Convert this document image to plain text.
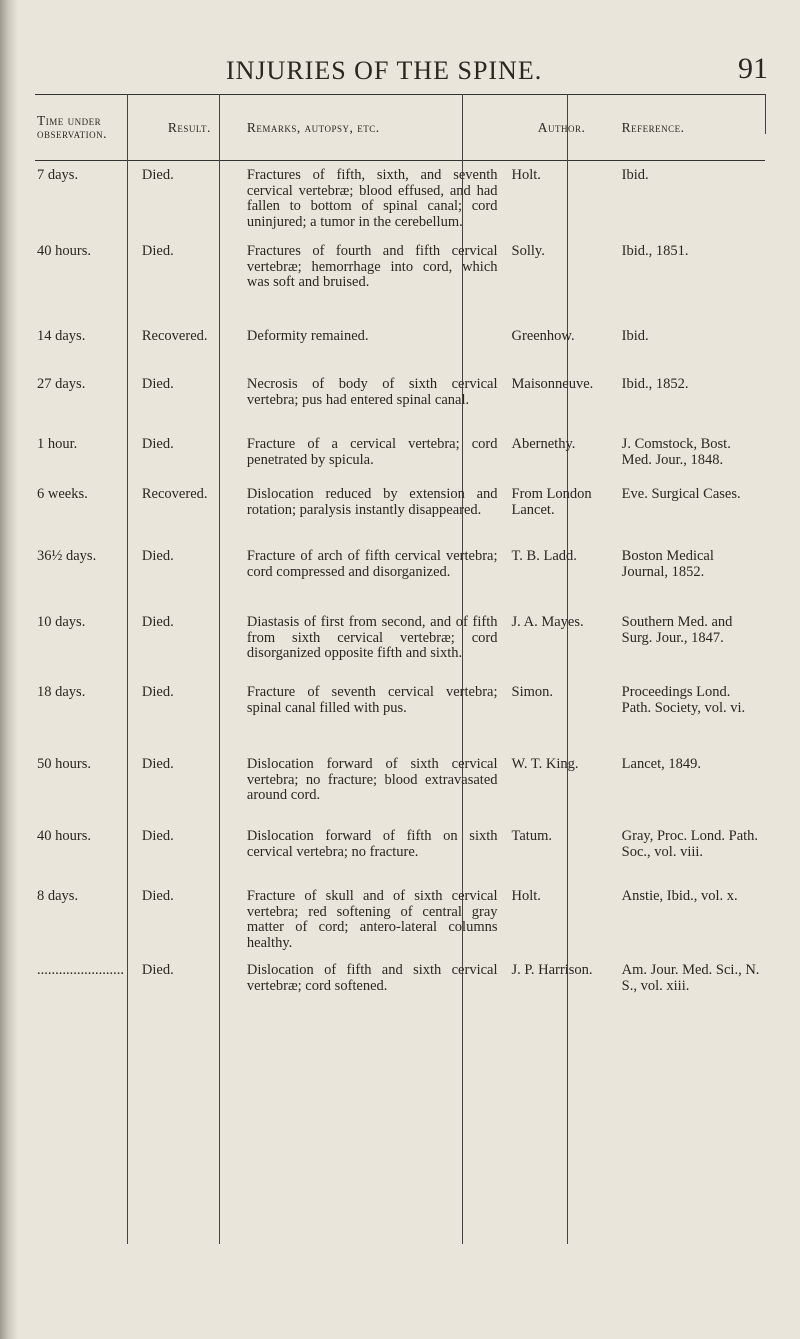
INJURIES OF THE SPINE.	91
Time under observation.	Result.	Remarks, autopsy, etc.	Author.	Reference.
7 days.	Died.	Fractures of fifth, sixth, and seventh cervical vertebræ; blood effused, and had fallen to bottom of spinal canal; cord uninjured; a tumor in the cerebellum.	Holt.	Ibid.
40 hours.	Died.	Fractures of fourth and fifth cervical vertebræ; hemorrhage into cord, which was soft and bruised.	Solly.	Ibid., 1851.
14 days.	Recovered.	Deformity remained.	Greenhow.	Ibid.
27 days.	Died.	Necrosis of body of sixth cervical vertebra; pus had entered spinal canal.	Maisonneuve.	Ibid., 1852.
1 hour.	Died.	Fracture of a cervical vertebra; cord penetrated by spicula.	Abernethy.	J. Comstock, Bost. Med. Jour., 1848.
6 weeks.	Recovered.	Dislocation reduced by extension and rotation; paralysis instantly disappeared.	From London Lancet.	Eve. Surgical Cases.
36½ days.	Died.	Fracture of arch of fifth cervical vertebra; cord compressed and disorganized.	T. B. Ladd.	Boston Medical Journal, 1852.
10 days.	Died.	Diastasis of first from second, and of fifth from sixth cervical vertebræ; cord disorganized opposite fifth and sixth.	J. A. Mayes.	Southern Med. and Surg. Jour., 1847.
18 days.	Died.	Fracture of seventh cervical vertebra; spinal canal filled with pus.	Simon.	Proceedings Lond. Path. Society, vol. vi.
50 hours.	Died.	Dislocation forward of sixth cervical vertebra; no fracture; blood extravasated around cord.	W. T. King.	Lancet, 1849.
40 hours.	Died.	Dislocation forward of fifth on sixth cervical vertebra; no fracture.	Tatum.	Gray, Proc. Lond. Path. Soc., vol. viii.
8 days.	Died.	Fracture of skull and of sixth cervical vertebra; red softening of central gray matter of cord; antero-lateral columns healthy.	Holt.	Anstie, Ibid., vol. x.
........................	Died.	Dislocation of fifth and sixth cervical vertebræ; cord softened.	J. P. Harrison.	Am. Jour. Med. Sci., N. S., vol. xiii.
